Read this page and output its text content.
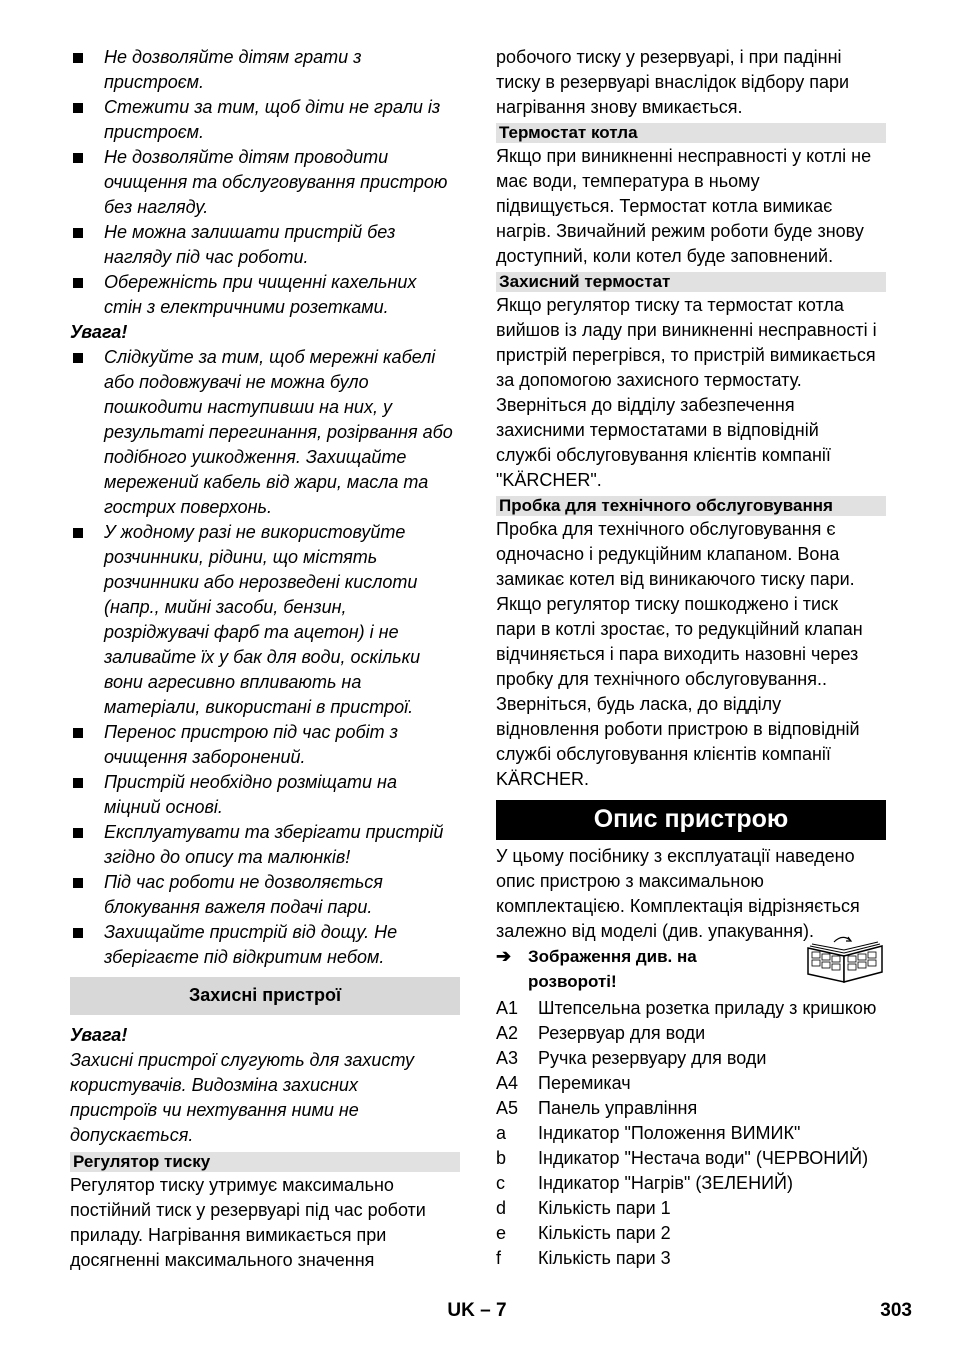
Не дозволяйте дітям грати з
пристроєм.
Стежити за тим, щоб діти не грали із
пристроєм.
Не дозволяйте дітям проводити
очищення та обслуговування пристрою
без нагляду.
Не можна залишати пристрій без
нагляду під час роботи.
Обережність при чищенні кахельних
стін з електричними розетками.

Увага!

Слідкуйте за тим, щоб мережні кабелі
або подовжувачі не можна було
пошкодити наступивши на них, у
результаті перегинання, розірвання або
подібного ушкодження. Захищайте
мережений кабель від жари, масла та
гострих поверхонь.
У жодному разі не використовуйте
розчинники, рідини, що містять
розчинники або нерозведені кислоти
(напр., мийні засоби, бензин,
розріджувачі фарб та ацетон) і не
заливайте їх у бак для води, оскільки
вони агресивно впливають на
матеріали, використані в пристрої.
Перенос пристрою під час робіт з
очищення заборонений.
Пристрій необхідно розміщати на
міцний основі.
Експлуатувати та зберігати пристрій
згідно до опису та малюнків!
Під час роботи не дозволяється
блокування важеля подачі пари.
Захищайте пристрій від дощу. Не
зберігаєте під відкритим небом.
Захисні пристрої

Увага!

Захисні пристрої слугують для захисту
користувачів. Видозміна захисних
пристроїв чи нехтування ними не
допускається.
Регулятор тиску
Регулятор тиску утримує максимально
постійний тиск у резервуарі під час роботи
приладу. Нагрівання вимикається при
досягненні максимального значення
робочого тиску у резервуарі, і при падінні
тиску в резервуарі внаслідок відбору пари
нагрівання знову вмикається.
Термостат котла
Якщо при виникненні несправності у котлі не
має води, температура в ньому
підвищується. Термостат котла вимикає
нагрів. Звичайний режим роботи буде знову
доступний, коли котел буде заповнений.
Захисний термостат
Якщо регулятор тиску та термостат котла
вийшов із ладу при виникненні несправності і
пристрій перегрівся, то пристрій вимикається
за допомогою захисного термостату.
Зверніться до відділу забезпечення
захисними термостатами в відповідній
службі обслуговування клієнтів компанії
"KÄRCHER".
Пробка для технічного обслуговування
Пробка для технічного обслуговування є
одночасно і редукційним клапаном. Вона
замикає котел від виникаючого тиску пари.
Якщо регулятор тиску пошкоджено і тиск
пари в котлі зростає, то редукційний клапан
відчиняється і пара виходить назовні через
пробку для технічного обслуговування..
Зверніться, будь ласка, до відділу
відновлення роботи пристрою в відповідній
службі обслуговування клієнтів компанії
KÄRCHER.
Опис пристрою
У цьому посібнику з експлуатації наведено
опис пристрою з максимальною
комплектацією. Комплектація відрізняється
залежно від моделі (див. упакування).
➔ Зображення див. на
розвороті!
A1 Штепсельна розетка приладу з кришкою
A2 Резервуар для води
A3 Ручка резервуару для води
A4 Перемикач
A5 Панель управління
a Індикатор "Положення ВИМИК"
b Індикатор "Нестача води" (ЧЕРВОНИЙ)
c Індикатор "Нагрів" (ЗЕЛЕНИЙ)
d Кількість пари 1
e Кількість пари 2
f Кількість пари 3
UK – 7	303
